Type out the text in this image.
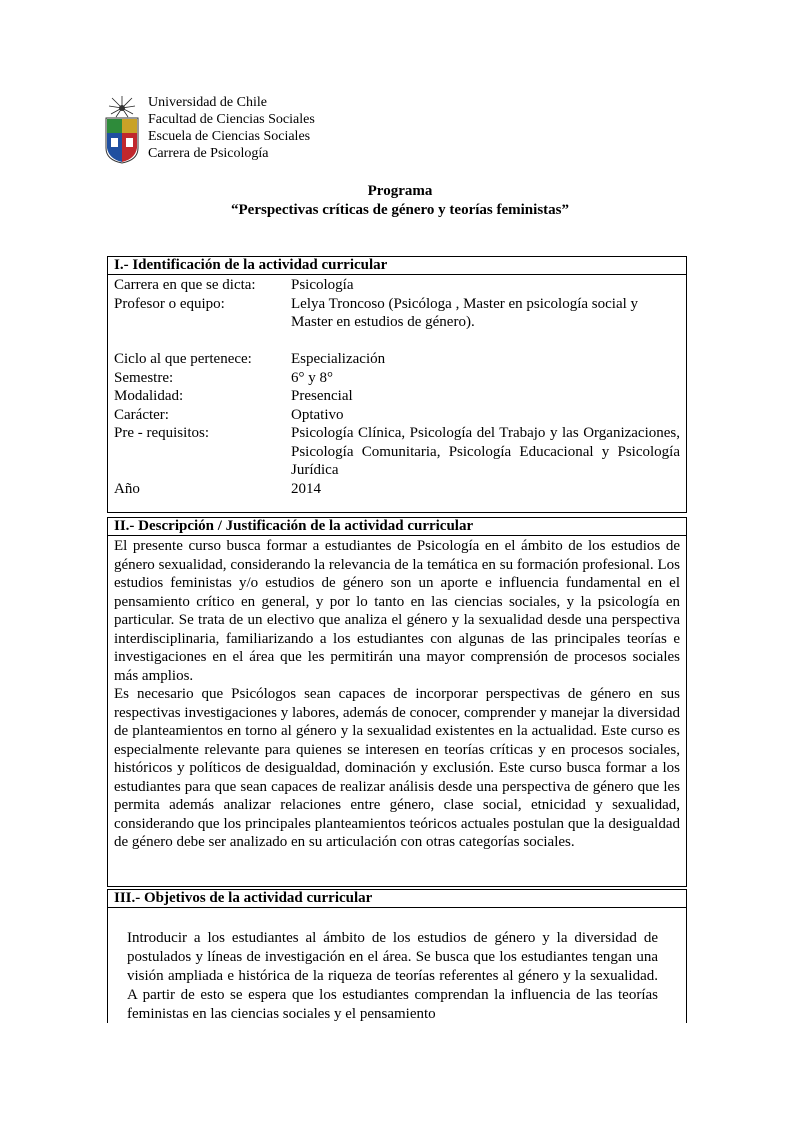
Universidad de Chile
Facultad de Ciencias Sociales
Escuela de Ciencias Sociales
Carrera de Psicología
Programa
“Perspectivas críticas de género y teorías feministas”
I.- Identificación de la actividad curricular
Carrera en que se dicta: Psicología
Profesor o equipo:	Lelya Troncoso (Psicóloga , Master en psicología social y Master en estudios de género).
Ciclo al que pertenece:	Especialización
Semestre:	6° y 8°
Modalidad:	Presencial
Carácter:	Optativo
Pre - requisitos:	Psicología Clínica, Psicología del Trabajo y las Organizaciones, Psicología Comunitaria, Psicología Educacional y Psicología Jurídica
Año	2014
II.- Descripción / Justificación de la actividad curricular

El presente curso busca formar a estudiantes de Psicología en el ámbito de los estudios de género sexualidad, considerando la relevancia de la temática en su formación profesional. Los estudios feministas y/o estudios de género son un aporte e influencia fundamental en el pensamiento crítico en general, y por lo tanto en las ciencias sociales, y la psicología en particular. Se trata de un electivo que analiza el género y la sexualidad desde una perspectiva interdisciplinaria, familiarizando a los estudiantes con algunas de las principales teorías e investigaciones en el área que les permitirán una mayor comprensión de procesos sociales más amplios.

Es necesario que Psicólogos sean capaces de incorporar perspectivas de género en sus respectivas investigaciones y labores, además de conocer, comprender y manejar la diversidad de planteamientos en torno al género y la sexualidad existentes en la actualidad. Este curso es especialmente relevante para quienes se interesen en teorías críticas y en procesos sociales, históricos y políticos de desigualdad, dominación y exclusión. Este curso busca formar a los estudiantes para que sean capaces de realizar análisis desde una perspectiva de género que les permita además analizar relaciones entre género, clase social, etnicidad y sexualidad, considerando que los principales planteamientos teóricos actuales postulan que la desigualdad de género debe ser analizado en su articulación con otras categorías sociales.

III.- Objetivos de la actividad curricular

Introducir a los estudiantes al ámbito de los estudios de género y la diversidad de postulados y líneas de investigación en el área. Se busca que los estudiantes tengan una visión ampliada e histórica de la riqueza de teorías referentes al género y la sexualidad. A partir de esto se espera que los estudiantes comprendan la influencia de las teorías feministas en las ciencias sociales y el pensamiento
